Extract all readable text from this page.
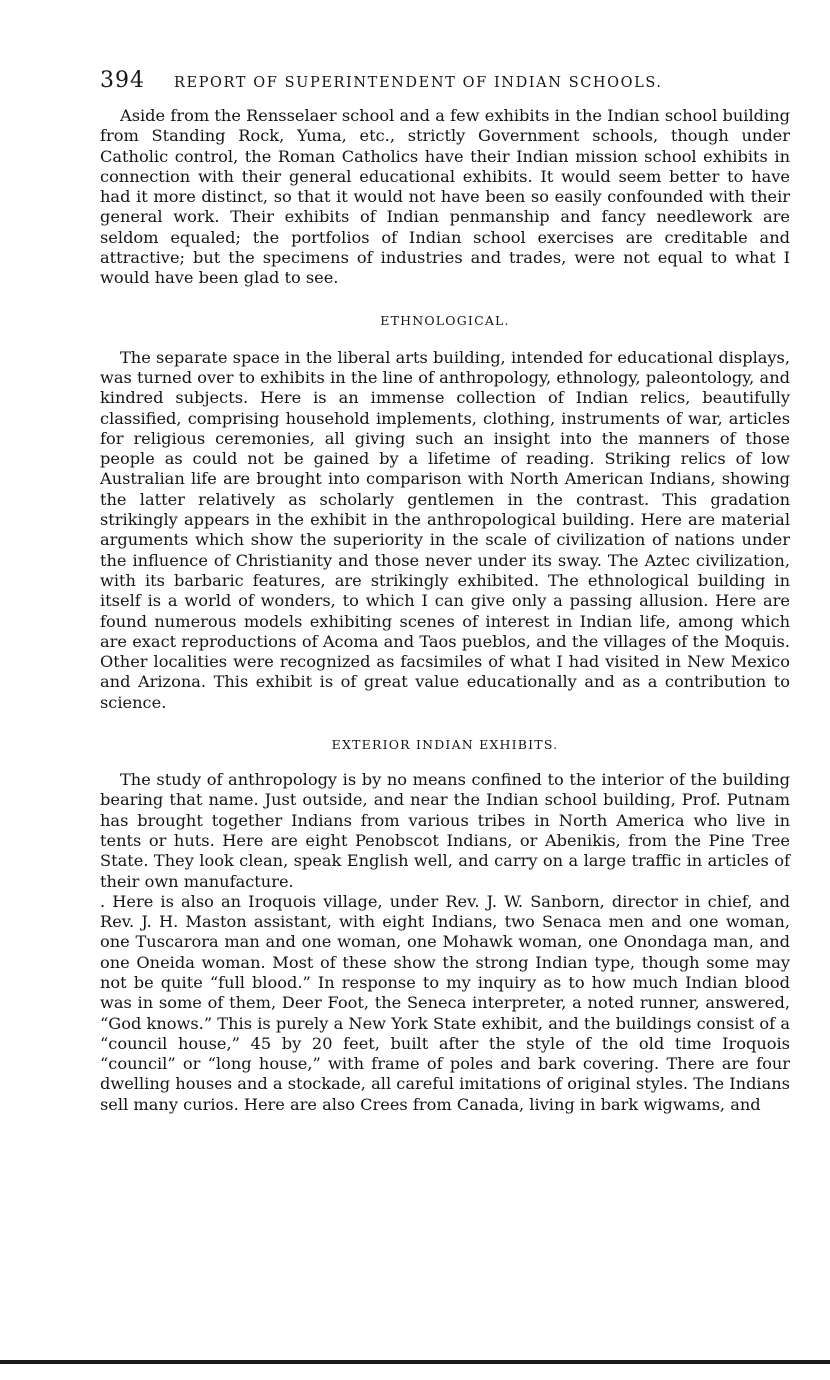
394	REPORT OF SUPERINTENDENT OF INDIAN SCHOOLS.

Aside from the Rensselaer school and a few exhibits in the Indian school building from Standing Rock, Yuma, etc., strictly Government schools, though under Catholic control, the Roman Catholics have their Indian mission school exhibits in connection with their general educational exhibits. It would seem better to have had it more distinct, so that it would not have been so easily confounded with their general work. Their exhibits of Indian penmanship and fancy needlework are seldom equaled; the portfolios of Indian school exercises are creditable and attractive; but the specimens of industries and trades, were not equal to what I would have been glad to see.

ETHNOLOGICAL.

The separate space in the liberal arts building, intended for educational displays, was turned over to exhibits in the line of anthropology, ethnology, paleontology, and kindred subjects. Here is an immense collection of Indian relics, beautifully classified, comprising household implements, clothing, instruments of war, articles for religious ceremonies, all giving such an insight into the manners of those people as could not be gained by a lifetime of reading. Striking relics of low Australian life are brought into comparison with North American Indians, showing the latter relatively as scholarly gentlemen in the contrast. This gradation strikingly appears in the exhibit in the anthropological building. Here are material arguments which show the superiority in the scale of civilization of nations under the influence of Christianity and those never under its sway. The Aztec civilization, with its barbaric features, are strikingly exhibited. The ethnological building in itself is a world of wonders, to which I can give only a passing allusion. Here are found numerous models exhibiting scenes of interest in Indian life, among which are exact reproductions of Acoma and Taos pueblos, and the villages of the Moquis. Other localities were recognized as facsimiles of what I had visited in New Mexico and Arizona. This exhibit is of great value educationally and as a contribution to science.

EXTERIOR INDIAN EXHIBITS.

The study of anthropology is by no means confined to the interior of the building bearing that name. Just outside, and near the Indian school building, Prof. Putnam has brought together Indians from various tribes in North America who live in tents or huts. Here are eight Penobscot Indians, or Abenikis, from the Pine Tree State. They look clean, speak English well, and carry on a large traffic in articles of their own manufacture.

. Here is also an Iroquois village, under Rev. J. W. Sanborn, director in chief, and Rev. J. H. Maston assistant, with eight Indians, two Senaca men and one woman, one Tuscarora man and one woman, one Mohawk woman, one Onondaga man, and one Oneida woman. Most of these show the strong Indian type, though some may not be quite “full blood.” In response to my inquiry as to how much Indian blood was in some of them, Deer Foot, the Seneca interpreter, a noted runner, answered, “God knows.” This is purely a New York State exhibit, and the buildings consist of a “council house,” 45 by 20 feet, built after the style of the old time Iroquois “council” or “long house,” with frame of poles and bark covering. There are four dwelling houses and a stockade, all careful imitations of original styles. The Indians sell many curios. Here are also Crees from Canada, living in bark wigwams, and
